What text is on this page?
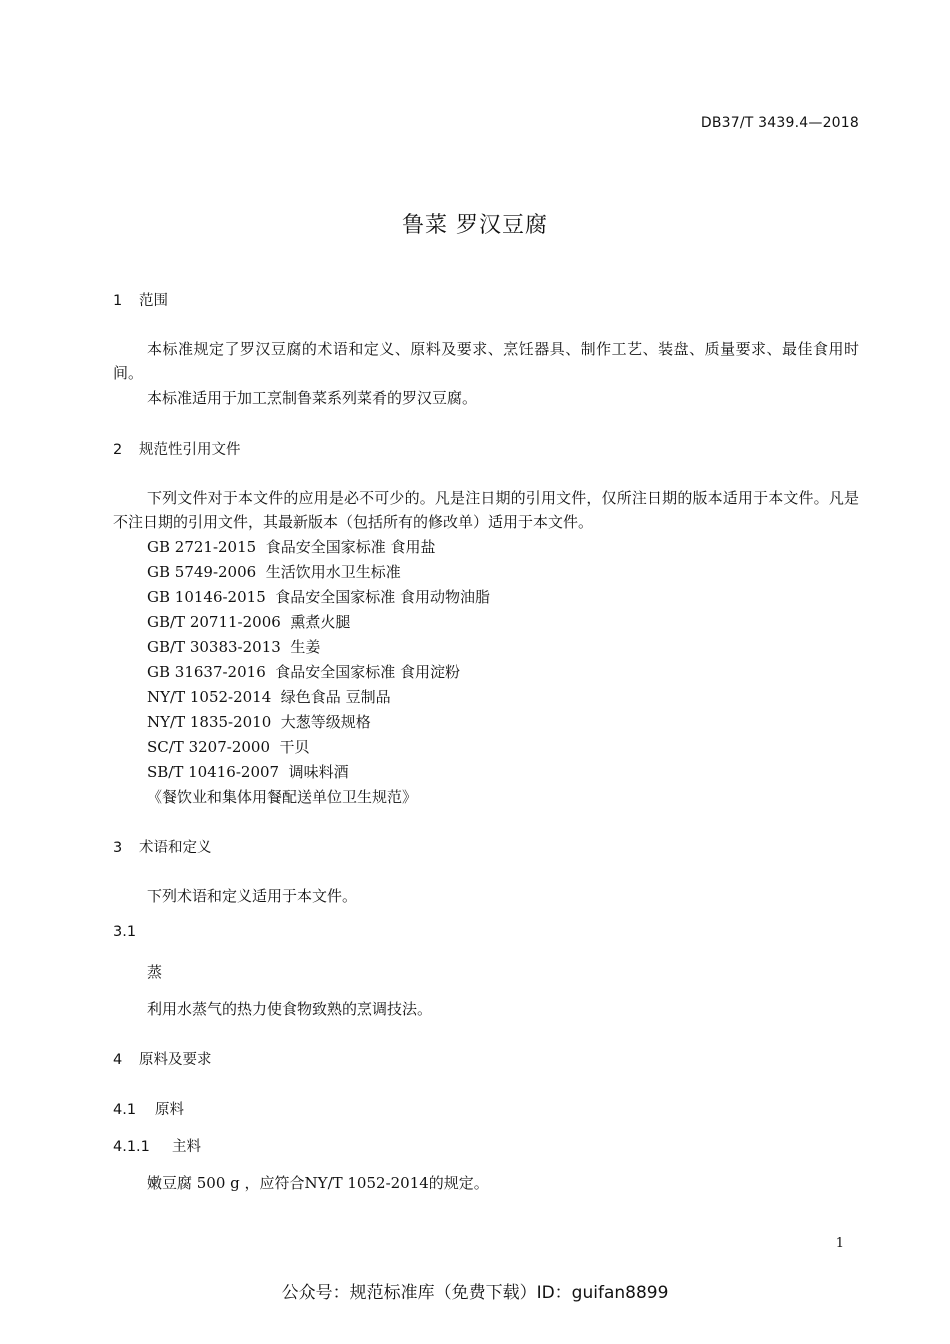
DB37/T 3439.4—2018
鲁菜 罗汉豆腐
1 范围
本标准规定了罗汉豆腐的术语和定义、原料及要求、烹饪器具、制作工艺、装盘、质量要求、最佳食用时间。
本标准适用于加工烹制鲁菜系列菜肴的罗汉豆腐。
2 规范性引用文件
下列文件对于本文件的应用是必不可少的。凡是注日期的引用文件，仅所注日期的版本适用于本文件。凡是不注日期的引用文件，其最新版本（包括所有的修改单）适用于本文件。
GB 2721-2015  食品安全国家标准 食用盐
GB 5749-2006  生活饮用水卫生标准
GB 10146-2015  食品安全国家标准 食用动物油脂
GB/T 20711-2006  熏煮火腿
GB/T 30383-2013  生姜
GB 31637-2016  食品安全国家标准 食用淀粉
NY/T 1052-2014  绿色食品 豆制品
NY/T 1835-2010  大葱等级规格
SC/T 3207-2000  干贝
SB/T 10416-2007  调味料酒
《餐饮业和集体用餐配送单位卫生规范》
3 术语和定义
下列术语和定义适用于本文件。
3.1
蒸
利用水蒸气的热力使食物致熟的烹调技法。
4 原料及要求
4.1 原料
4.1.1 主料
嫩豆腐 500 g ，应符合NY/T 1052-2014的规定。
1
公众号：规范标准库（免费下载）ID：guifan8899
